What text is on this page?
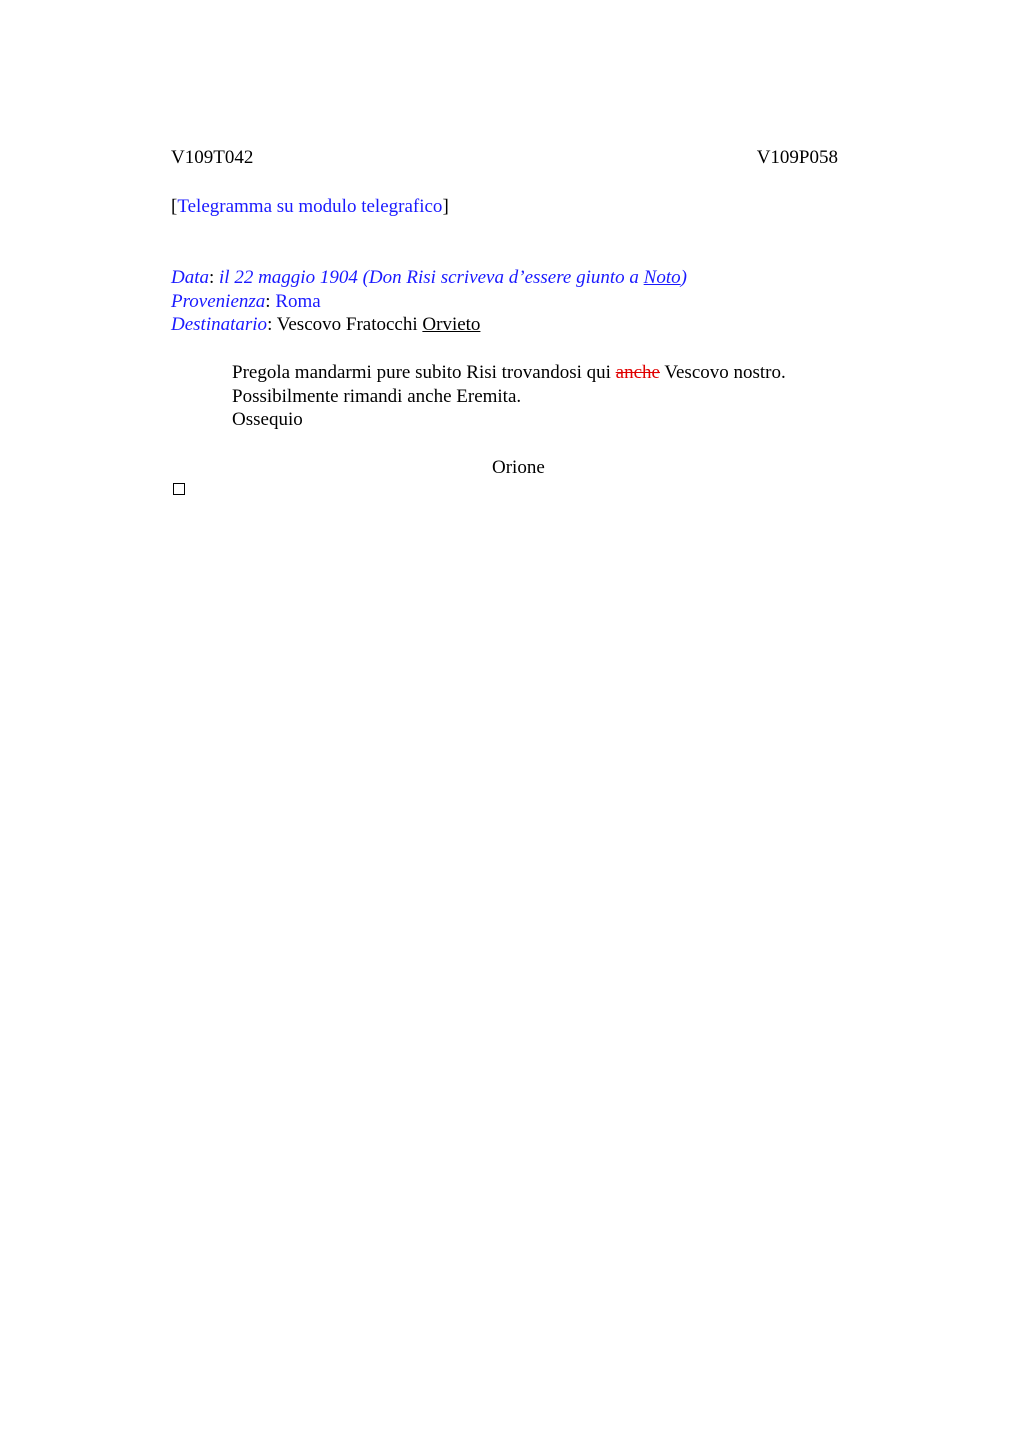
V109T042	V109P058
[Telegramma su modulo telegrafico]
Data: il 22 maggio 1904 (Don Risi scriveva d’essere giunto a Noto)
Provenienza: Roma
Destinatario: Vescovo Fratocchi Orvieto
Pregola mandarmi pure subito Risi trovandosi qui anche Vescovo nostro.
Possibilmente rimandi anche Eremita.
Ossequio
Orione
